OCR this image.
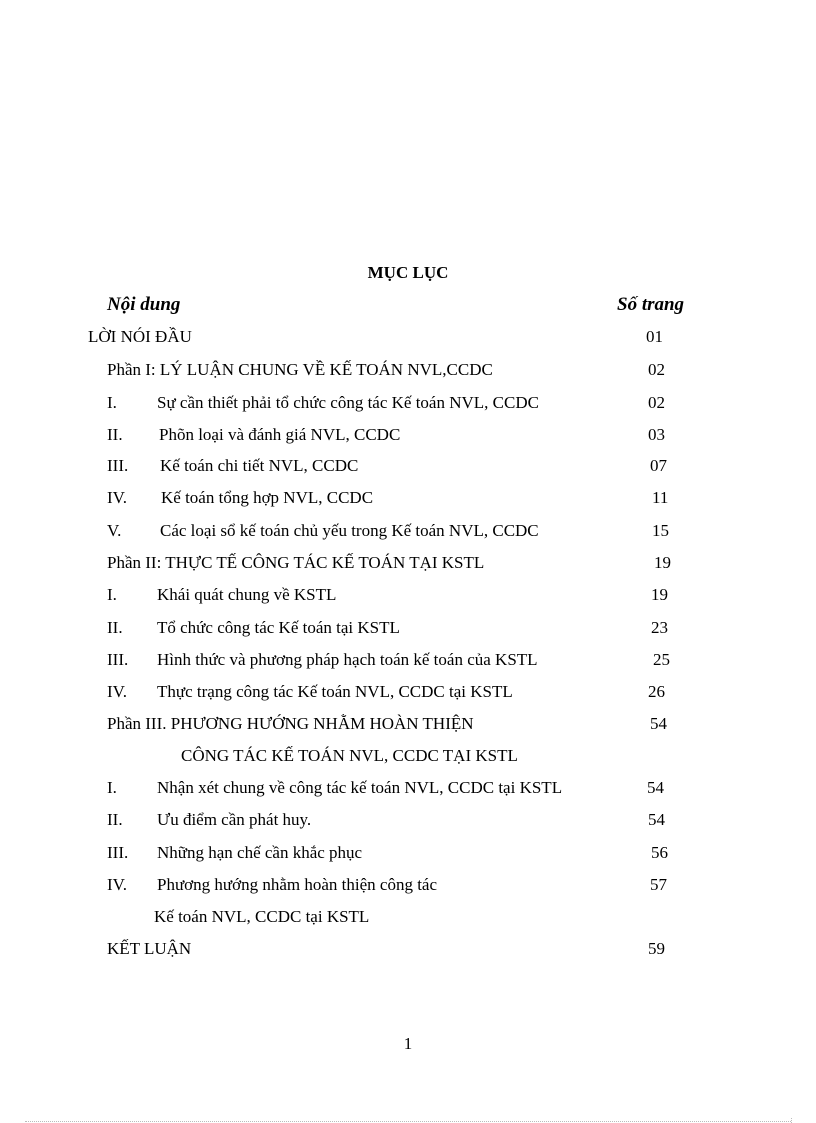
MỤC LỤC
Nội dung	Số trang
LỜI NÓI ĐẦU	01
Phần I: LÝ LUẬN CHUNG VỀ KẾ TOÁN NVL,CCDC	02
I. Sự cần thiết phải tổ chức công tác Kế toán NVL, CCDC	02
II. Phõn loại và đánh giá NVL, CCDC	03
III. Kế toán chi tiết NVL, CCDC	07
IV. Kế toán tổng hợp NVL, CCDC	11
V. Các loại sổ kế toán chủ yếu trong Kế toán NVL, CCDC	15
Phần II: THỰC TẾ CÔNG TÁC KẾ TOÁN TẠI KSTL	19
I. Khái quát chung về KSTL	19
II. Tổ chức công tác Kế toán tại KSTL	23
III. Hình thức và phương pháp hạch toán kế toán của KSTL	25
IV. Thực trạng công tác Kế toán NVL, CCDC tại KSTL	26
Phần III. PHƯƠNG HƯỚNG NHẰM HOÀN THIỆN	54
CÔNG TÁC KẾ TOÁN NVL, CCDC TẠI KSTL
I. Nhận xét chung về công tác kế toán NVL, CCDC tại KSTL	54
II. Ưu điểm cần phát huy.	54
III. Những hạn chế cần khắc phục	56
IV. Phương hướng nhằm hoàn thiện công tác	57
Kế toán NVL, CCDC tại KSTL
KẾT LUẬN	59
1
